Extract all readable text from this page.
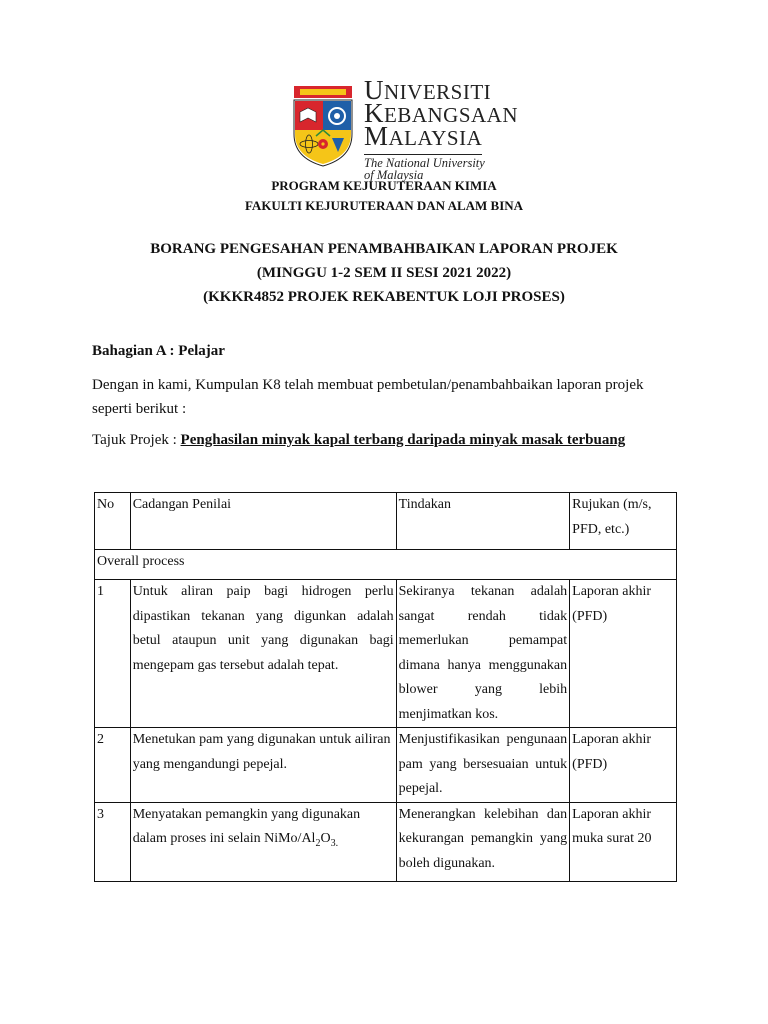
UNIVERSITI
KEBANGSAAN
MALAYSIA
The National University
of Malaysia
PROGRAM KEJURUTERAAN KIMIA
FAKULTI KEJURUTERAAN DAN ALAM BINA
BORANG PENGESAHAN PENAMBAHBAIKAN LAPORAN PROJEK
(MINGGU 1-2 SEM II SESI 2021 2022)
(KKKR4852 PROJEK REKABENTUK LOJI PROSES)
Bahagian A : Pelajar
Dengan in kami, Kumpulan K8 telah membuat pembetulan/penambahbaikan laporan projek seperti berikut :
Tajuk Projek : Penghasilan minyak kapal terbang daripada minyak masak terbuang
No	Cadangan Penilai	Tindakan	Rujukan (m/s, PFD, etc.)
Overall process			
1	Untuk aliran paip bagi hidrogen perlu dipastikan tekanan yang digunkan adalah betul ataupun unit yang digunakan bagi mengepam gas tersebut adalah tepat.	Sekiranya tekanan adalah sangat rendah tidak memerlukan pemampat dimana hanya menggunakan blower yang lebih menjimatkan kos.	Laporan akhir (PFD)
2	Menetukan pam yang digunakan untuk ailiran yang mengandungi pepejal.	Menjustifikasikan pengunaan pam yang bersesuaian untuk pepejal.	Laporan akhir (PFD)

3	Menyatakan pemangkin yang digunakan dalam proses ini selain NiMo/$Al_2O_{3.}$	Menerangkan kelebihan dan kekurangan pemangkin yang boleh digunakan.	Laporan akhir muka surat 20
